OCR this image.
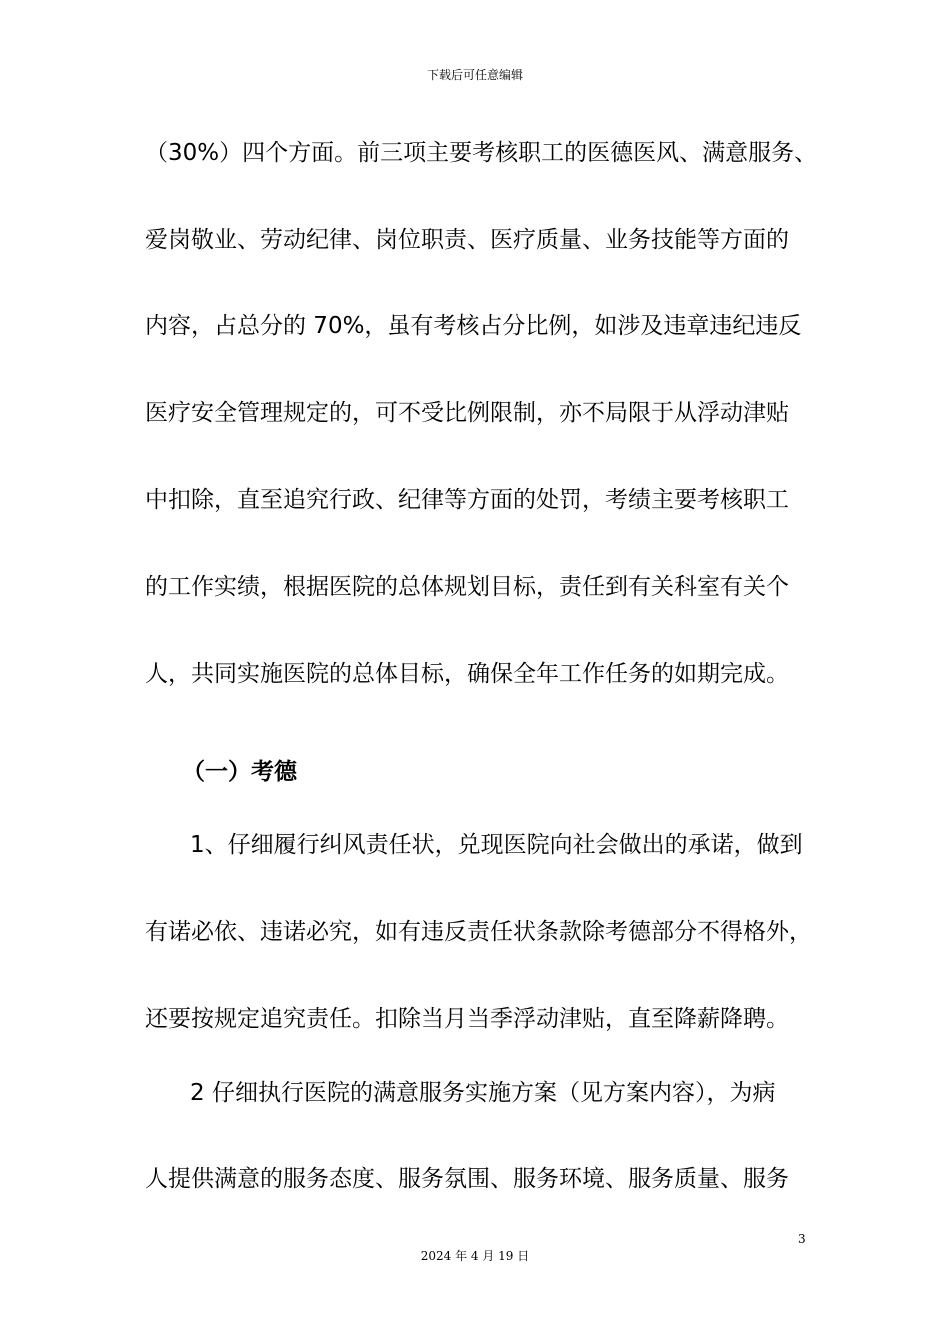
下载后可任意编辑
（30%）四个方面。前三项主要考核职工的医德医风、满意服务、
爱岗敬业、劳动纪律、岗位职责、医疗质量、业务技能等方面的
内容，占总分的 70%，虽有考核占分比例，如涉及违章违纪违反
医疗安全管理规定的，可不受比例限制，亦不局限于从浮动津贴
中扣除，直至追究行政、纪律等方面的处罚，考绩主要考核职工
的工作实绩，根据医院的总体规划目标，责任到有关科室有关个
人，共同实施医院的总体目标，确保全年工作任务的如期完成。
（一）考德
1、仔细履行纠风责任状，兑现医院向社会做出的承诺，做到
有诺必依、违诺必究，如有违反责任状条款除考德部分不得格外，
还要按规定追究责任。扣除当月当季浮动津贴，直至降薪降聘。
2 仔细执行医院的满意服务实施方案（见方案内容），为病
人提供满意的服务态度、服务氛围、服务环境、服务质量、服务
3
2024 年 4 月 19 日
